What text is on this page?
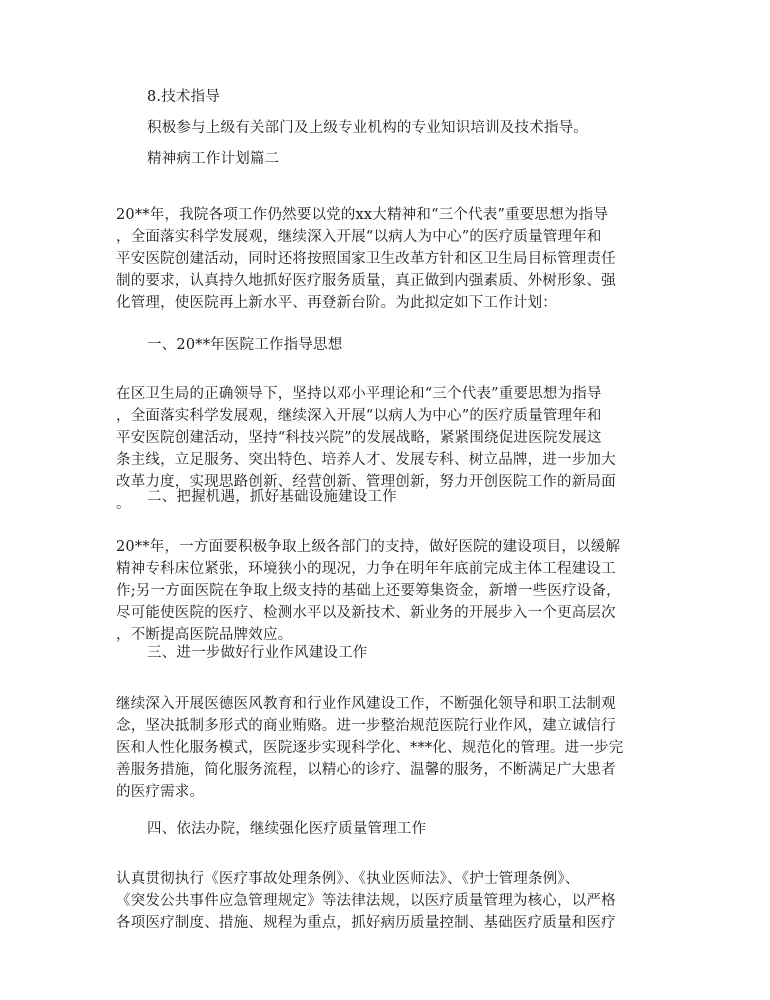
8.技术指导
积极参与上级有关部门及上级专业机构的专业知识培训及技术指导。
精神病工作计划篇二
20**年，我院各项工作仍然要以党的xx大精神和“三个代表”重要思想为指导
，全面落实科学发展观，继续深入开展“以病人为中心”的医疗质量管理年和
平安医院创建活动，同时还将按照国家卫生改革方针和区卫生局目标管理责任
制的要求，认真持久地抓好医疗服务质量，真正做到内强素质、外树形象、强
化管理，使医院再上新水平、再登新台阶。为此拟定如下工作计划：
一、20**年医院工作指导思想
在区卫生局的正确领导下，坚持以邓小平理论和“三个代表”重要思想为指导
，全面落实科学发展观，继续深入开展“以病人为中心”的医疗质量管理年和
平安医院创建活动，坚持“科技兴院”的发展战略，紧紧围绕促进医院发展这
条主线，立足服务、突出特色、培养人才、发展专科、树立品牌，进一步加大
改革力度，实现思路创新、经营创新、管理创新，努力开创医院工作的新局面
。 二、把握机遇，抓好基础设施建设工作
20**年，一方面要积极争取上级各部门的支持，做好医院的建设项目，以缓解
精神专科床位紧张，环境狭小的现况，力争在明年年底前完成主体工程建设工
作;另一方面医院在争取上级支持的基础上还要筹集资金，新增一些医疗设备，
尽可能使医院的医疗、检测水平以及新技术、新业务的开展步入一个更高层次
，不断提高医院品牌效应。
三、进一步做好行业作风建设工作
继续深入开展医德医风教育和行业作风建设工作，不断强化领导和职工法制观
念，坚决抵制多形式的商业贿赂。进一步整治规范医院行业作风，建立诚信行
医和人性化服务模式，医院逐步实现科学化、***化、规范化的管理。进一步完
善服务措施，简化服务流程，以精心的诊疗、温馨的服务，不断满足广大患者
的医疗需求。
四、依法办院，继续强化医疗质量管理工作
认真贯彻执行《医疗事故处理条例》、《执业医师法》、《护士管理条例》、
《突发公共事件应急管理规定》等法律法规，以医疗质量管理为核心，以严格
各项医疗制度、措施、规程为重点，抓好病历质量控制、基础医疗质量和医疗
